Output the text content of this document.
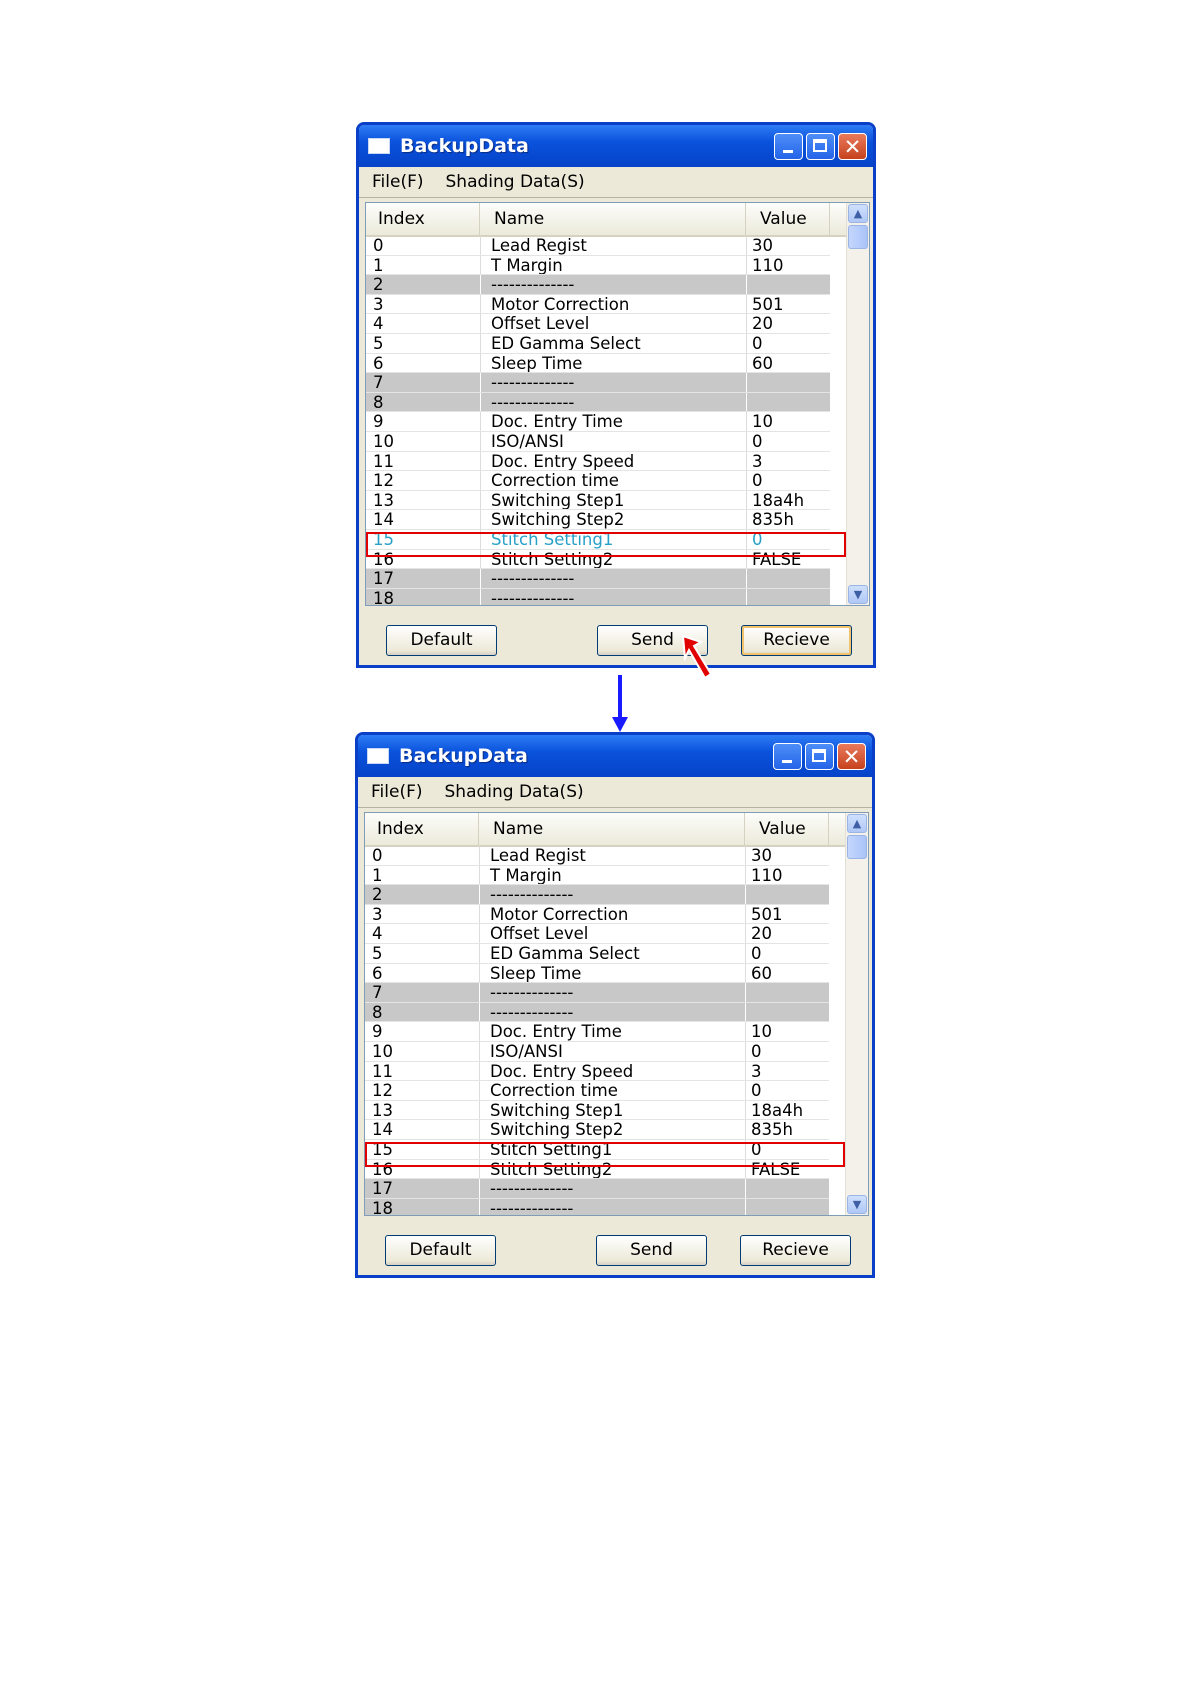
BackupData	✕
File(F) Shading Data(S)
Index	Name	Value
0	Lead Regist	30
1	T Margin	110
2	--------------
3	Motor Correction	501
4	Offset Level	20
5	ED Gamma Select	0
6	Sleep Time	60
7	--------------
8	--------------
9	Doc. Entry Time	10
10	ISO/ANSI	0
11	Doc. Entry Speed	3
12	Correction time	0
13	Switching Step1	18a4h
14	Switching Step2	835h
15	Stitch Setting1	0
16	Stitch Setting2	FALSE
17	--------------
18	--------------
▲
▼
Default	Send	Recieve
BackupData	✕
File(F) Shading Data(S)
Index	Name	Value
0	Lead Regist	30
1	T Margin	110
2	--------------
3	Motor Correction	501
4	Offset Level	20
5	ED Gamma Select	0
6	Sleep Time	60
7	--------------
8	--------------
9	Doc. Entry Time	10
10	ISO/ANSI	0
11	Doc. Entry Speed	3
12	Correction time	0
13	Switching Step1	18a4h
14	Switching Step2	835h
15	Stitch Setting1	0
16	Stitch Setting2	FALSE
17	--------------
18	--------------
▲
▼
Default	Send	Recieve
